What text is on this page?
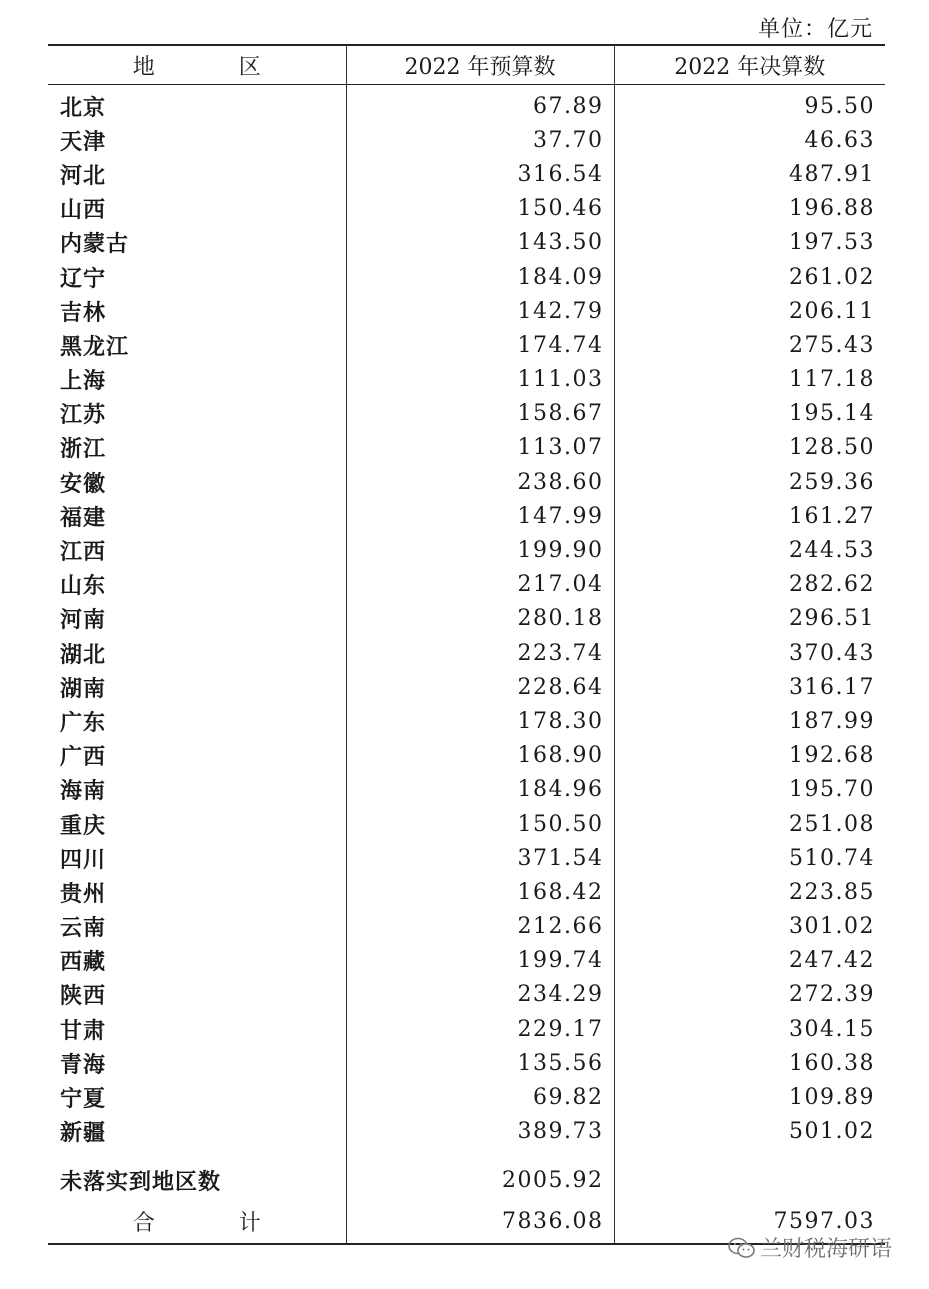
单位：亿元
地区	2022 年预算数	2022 年决算数
北京	67.89	95.50
天津	37.70	46.63
河北	316.54	487.91
山西	150.46	196.88
内蒙古	143.50	197.53
辽宁	184.09	261.02
吉林	142.79	206.11
黑龙江	174.74	275.43
上海	111.03	117.18
江苏	158.67	195.14
浙江	113.07	128.50
安徽	238.60	259.36
福建	147.99	161.27
江西	199.90	244.53
山东	217.04	282.62
河南	280.18	296.51
湖北	223.74	370.43
湖南	228.64	316.17
广东	178.30	187.99
广西	168.90	192.68
海南	184.96	195.70
重庆	150.50	251.08
四川	371.54	510.74
贵州	168.42	223.85
云南	212.66	301.02
西藏	199.74	247.42
陕西	234.29	272.39
甘肃	229.17	304.15
青海	135.56	160.38
宁夏	69.82	109.89
新疆	389.73	501.02

未落实到地区数	2005.92	
合计	7836.08	7597.03
兰财税海研语
